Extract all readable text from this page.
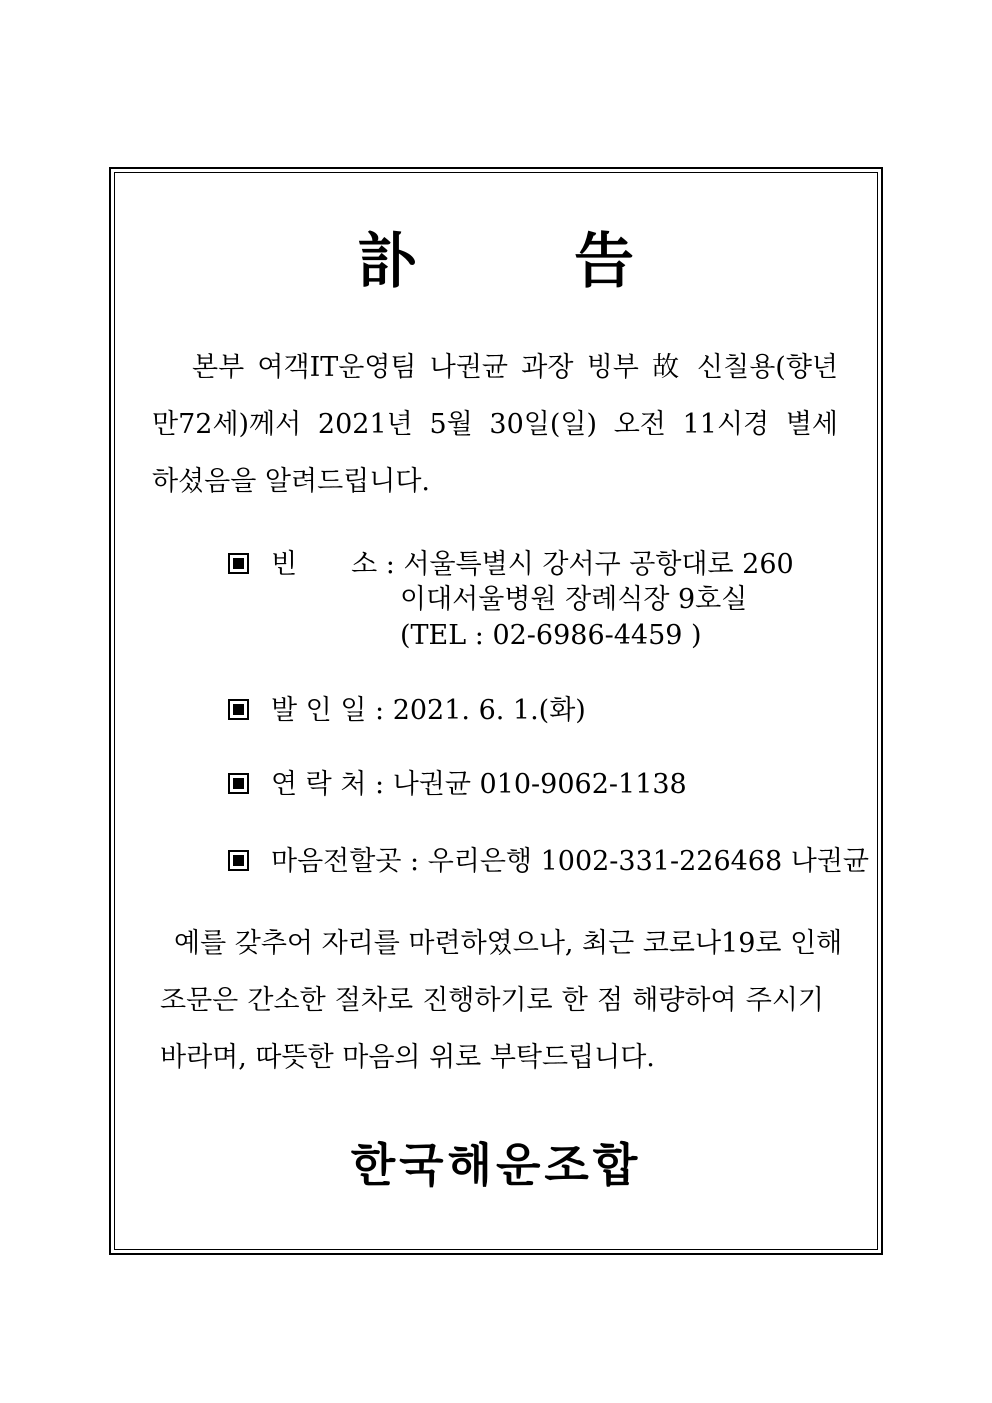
訃	告
본부 여객IT운영팀 나권균 과장 빙부 故 신칠용(향년
만72세)께서 2021년 5월 30일(일) 오전 11시경 별세
하셨음을 알려드립니다.
빈　　소 : 서울특별시 강서구 공항대로 260
이대서울병원 장례식장 9호실
(TEL : 02-6986-4459 )
발 인 일 : 2021. 6. 1.(화)
연 락 처 : 나권균 010-9062-1138
마음전할곳 : 우리은행 1002-331-226468 나권균
예를 갖추어 자리를 마련하였으나, 최근 코로나19로 인해
조문은 간소한 절차로 진행하기로 한 점 해량하여 주시기
바라며, 따뜻한 마음의 위로 부탁드립니다.
한국해운조합
